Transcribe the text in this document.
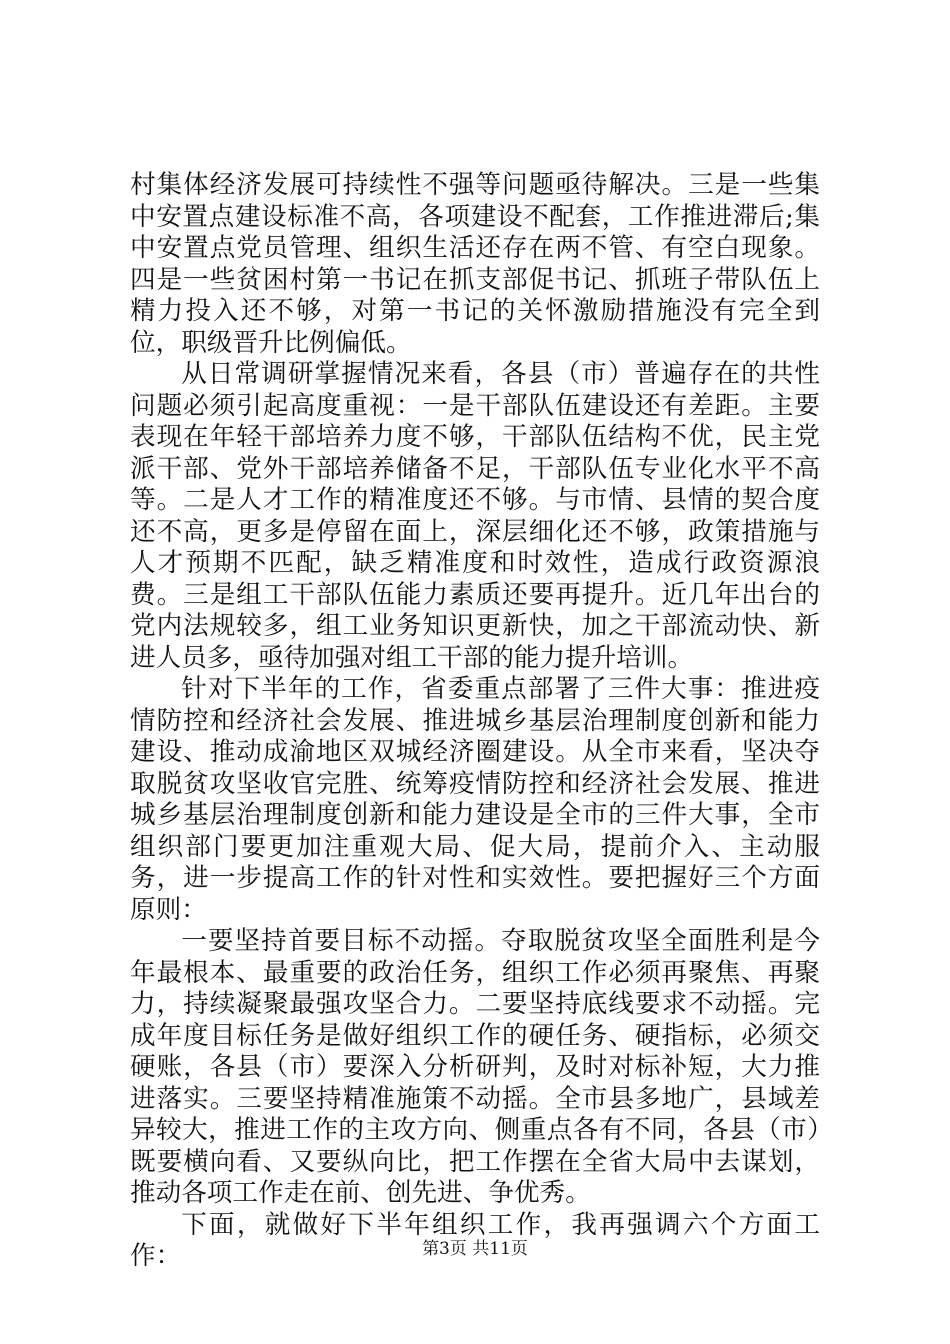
村集体经济发展可持续性不强等问题亟待解决。三是一些集中安置点建设标准不高，各项建设不配套，工作推进滞后;集中安置点党员管理、组织生活还存在两不管、有空白现象。四是一些贫困村第一书记在抓支部促书记、抓班子带队伍上精力投入还不够，对第一书记的关怀激励措施没有完全到位，职级晋升比例偏低。

从日常调研掌握情况来看，各县（市）普遍存在的共性问题必须引起高度重视：一是干部队伍建设还有差距。主要表现在年轻干部培养力度不够，干部队伍结构不优，民主党派干部、党外干部培养储备不足，干部队伍专业化水平不高等。二是人才工作的精准度还不够。与市情、县情的契合度还不高，更多是停留在面上，深层细化还不够，政策措施与人才预期不匹配，缺乏精准度和时效性，造成行政资源浪费。三是组工干部队伍能力素质还要再提升。近几年出台的党内法规较多，组工业务知识更新快，加之干部流动快、新进人员多，亟待加强对组工干部的能力提升培训。

针对下半年的工作，省委重点部署了三件大事：推进疫情防控和经济社会发展、推进城乡基层治理制度创新和能力建设、推动成渝地区双城经济圈建设。从全市来看，坚决夺取脱贫攻坚收官完胜、统筹疫情防控和经济社会发展、推进城乡基层治理制度创新和能力建设是全市的三件大事，全市组织部门要更加注重观大局、促大局，提前介入、主动服务，进一步提高工作的针对性和实效性。要把握好三个方面原则：

一要坚持首要目标不动摇。夺取脱贫攻坚全面胜利是今年最根本、最重要的政治任务，组织工作必须再聚焦、再聚力，持续凝聚最强攻坚合力。二要坚持底线要求不动摇。完成年度目标任务是做好组织工作的硬任务、硬指标，必须交硬账，各县（市）要深入分析研判，及时对标补短，大力推进落实。三要坚持精准施策不动摇。全市县多地广，县域差异较大，推进工作的主攻方向、侧重点各有不同，各县（市）既要横向看、又要纵向比，把工作摆在全省大局中去谋划，推动各项工作走在前、创先进、争优秀。

下面，就做好下半年组织工作，我再强调六个方面工作：	第3页 共11页
